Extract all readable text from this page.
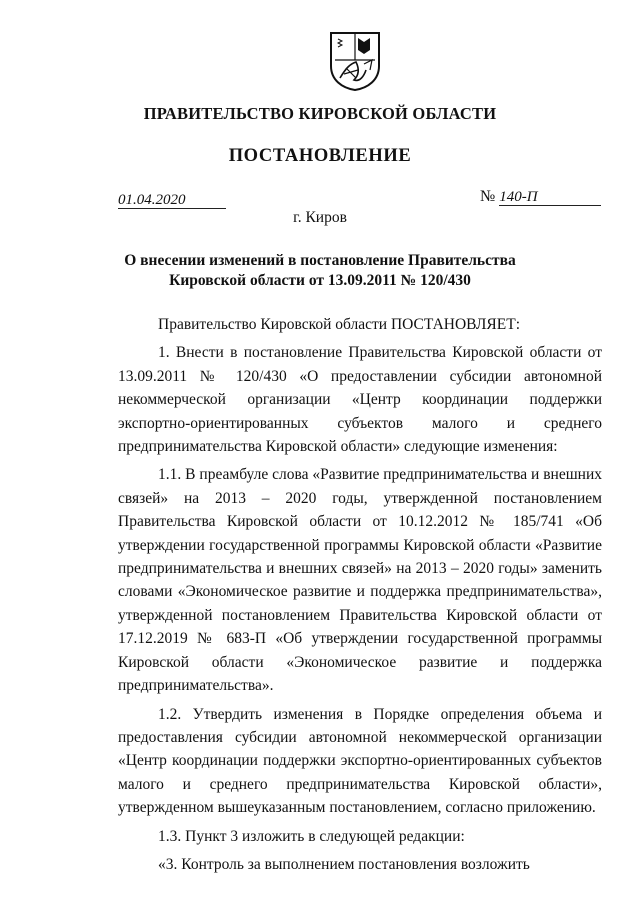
ПРАВИТЕЛЬСТВО КИРОВСКОЙ ОБЛАСТИ
ПОСТАНОВЛЕНИЕ
01.04.2020	№ 140-П
г. Киров
О внесении изменений в постановление Правительства
Кировской области от 13.09.2011 № 120/430

Правительство Кировской области ПОСТАНОВЛЯЕТ:

1. Внести в постановление Правительства Кировской области от 13.09.2011 № 120/430 «О предоставлении субсидии автономной некоммерческой организации «Центр координации поддержки экспортно-ориентированных субъектов малого и среднего предпринимательства Кировской области» следующие изменения:

1.1. В преамбуле слова «Развитие предпринимательства и внешних связей» на 2013 – 2020 годы, утвержденной постановлением Правительства Кировской области от 10.12.2012 № 185/741 «Об утверждении государственной программы Кировской области «Развитие предпринимательства и внешних связей» на 2013 – 2020 годы» заменить словами «Экономическое развитие и поддержка предпринимательства», утвержденной постановлением Правительства Кировской области от 17.12.2019 № 683-П «Об утверждении государственной программы Кировской области «Экономическое развитие и поддержка предпринимательства».

1.2. Утвердить изменения в Порядке определения объема и предоставления субсидии автономной некоммерческой организации «Центр координации поддержки экспортно-ориентированных субъектов малого и среднего предпринимательства Кировской области», утвержденном вышеуказанным постановлением, согласно приложению.

1.3. Пункт 3 изложить в следующей редакции:

«3. Контроль за выполнением постановления возложить
